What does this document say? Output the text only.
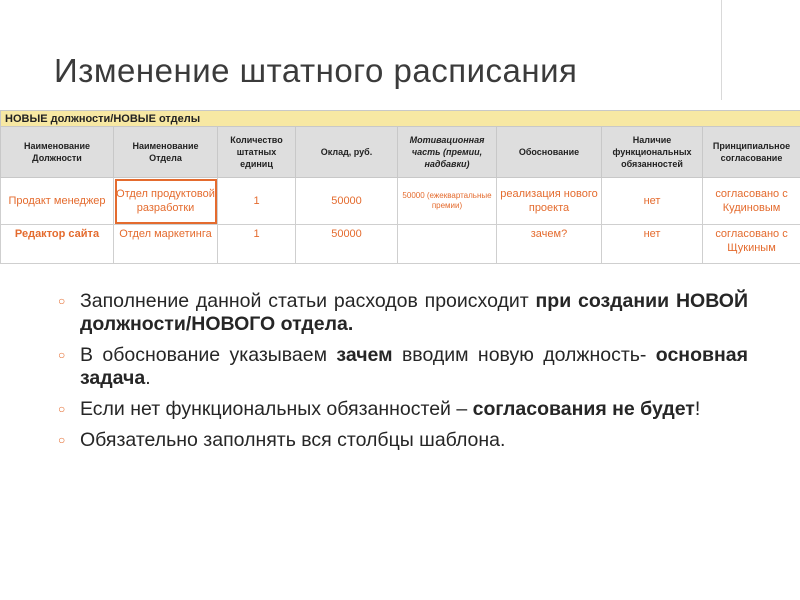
Изменение штатного расписания
НОВЫЕ должности/НОВЫЕ отделы							
Наименование Должности	Наименование Отдела	Количество штатных единиц	Оклад, руб.	Мотивационная часть (премии, надбавки)	Обоснование	Наличие функциональных обязанностей	Принципиальное согласование
Продакт менеджер	Отдел продуктовой разработки	1	50000	50000 (ежеквартальные премии)	реализация нового проекта	нет	согласовано с Кудиновым
Редактор сайта	Отдел маркетинга	1	50000		зачем?	нет	согласовано с Щукиным
○ Заполнение данной статьи расходов происходит при создании НОВОЙ должности/НОВОГО отдела.
○ В обоснование указываем зачем вводим новую должность- основная задача.
○ Если нет функциональных обязанностей – согласования не будет!
○ Обязательно заполнять вся столбцы шаблона.
